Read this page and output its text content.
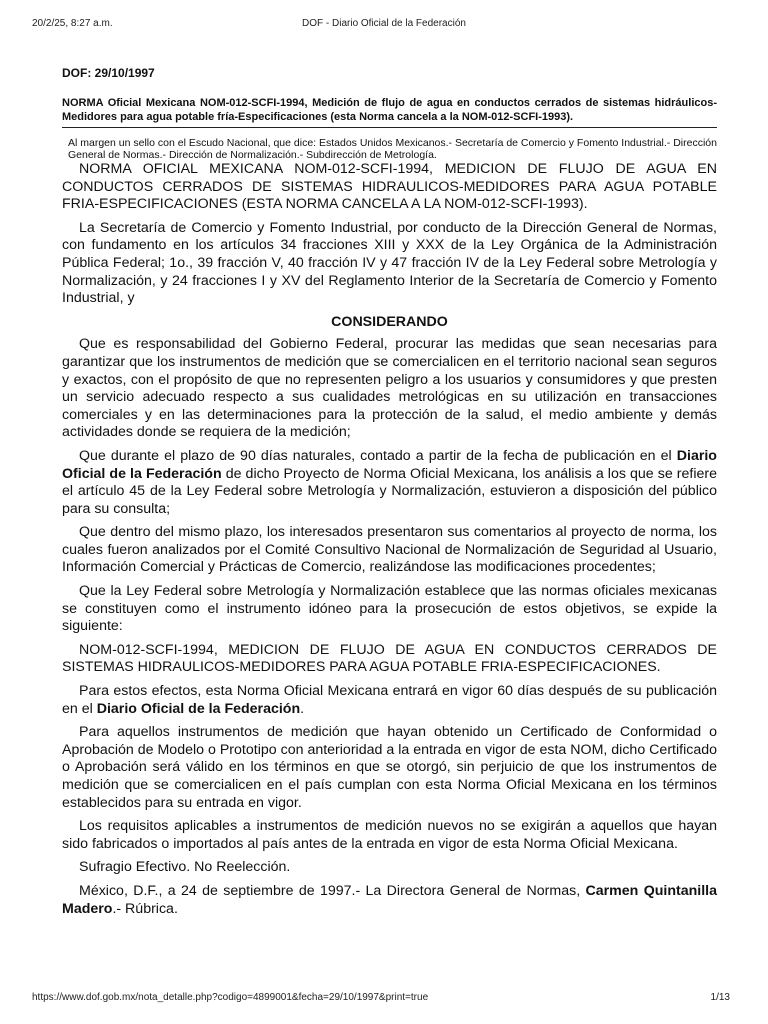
20/2/25, 8:27 a.m.	DOF - Diario Oficial de la Federación

DOF: 29/10/1997

NORMA Oficial Mexicana NOM-012-SCFI-1994, Medición de flujo de agua en conductos cerrados de sistemas hidráulicos-Medidores para agua potable fría-Especificaciones (esta Norma cancela a la NOM-012-SCFI-1993).

Al margen un sello con el Escudo Nacional, que dice: Estados Unidos Mexicanos.- Secretaría de Comercio y Fomento Industrial.- Dirección General de Normas.- Dirección de Normalización.- Subdirección de Metrología.

NORMA OFICIAL MEXICANA NOM-012-SCFI-1994, MEDICION DE FLUJO DE AGUA EN CONDUCTOS CERRADOS DE SISTEMAS HIDRAULICOS-MEDIDORES PARA AGUA POTABLE FRIA-ESPECIFICACIONES (ESTA NORMA CANCELA A LA NOM-012-SCFI-1993).

La Secretaría de Comercio y Fomento Industrial, por conducto de la Dirección General de Normas, con fundamento en los artículos 34 fracciones XIII y XXX de la Ley Orgánica de la Administración Pública Federal; 1o., 39 fracción V, 40 fracción IV y 47 fracción IV de la Ley Federal sobre Metrología y Normalización, y 24 fracciones I y XV del Reglamento Interior de la Secretaría de Comercio y Fomento Industrial, y

CONSIDERANDO

Que es responsabilidad del Gobierno Federal, procurar las medidas que sean necesarias para garantizar que los instrumentos de medición que se comercialicen en el territorio nacional sean seguros y exactos, con el propósito de que no representen peligro a los usuarios y consumidores y que presten un servicio adecuado respecto a sus cualidades metrológicas en su utilización en transacciones comerciales y en las determinaciones para la protección de la salud, el medio ambiente y demás actividades donde se requiera de la medición;

Que durante el plazo de 90 días naturales, contado a partir de la fecha de publicación en el Diario Oficial de la Federación de dicho Proyecto de Norma Oficial Mexicana, los análisis a los que se refiere el artículo 45 de la Ley Federal sobre Metrología y Normalización, estuvieron a disposición del público para su consulta;

Que dentro del mismo plazo, los interesados presentaron sus comentarios al proyecto de norma, los cuales fueron analizados por el Comité Consultivo Nacional de Normalización de Seguridad al Usuario, Información Comercial y Prácticas de Comercio, realizándose las modificaciones procedentes;

Que la Ley Federal sobre Metrología y Normalización establece que las normas oficiales mexicanas se constituyen como el instrumento idóneo para la prosecución de estos objetivos, se expide la siguiente:

NOM-012-SCFI-1994, MEDICION DE FLUJO DE AGUA EN CONDUCTOS CERRADOS DE SISTEMAS HIDRAULICOS-MEDIDORES PARA AGUA POTABLE FRIA-ESPECIFICACIONES.

Para estos efectos, esta Norma Oficial Mexicana entrará en vigor 60 días después de su publicación en el Diario Oficial de la Federación.

Para aquellos instrumentos de medición que hayan obtenido un Certificado de Conformidad o Aprobación de Modelo o Prototipo con anterioridad a la entrada en vigor de esta NOM, dicho Certificado o Aprobación será válido en los términos en que se otorgó, sin perjuicio de que los instrumentos de medición que se comercialicen en el país cumplan con esta Norma Oficial Mexicana en los términos establecidos para su entrada en vigor.

Los requisitos aplicables a instrumentos de medición nuevos no se exigirán a aquellos que hayan sido fabricados o importados al país antes de la entrada en vigor de esta Norma Oficial Mexicana.

Sufragio Efectivo. No Reelección.

México, D.F., a 24 de septiembre de 1997.- La Directora General de Normas, Carmen Quintanilla Madero.- Rúbrica.

https://www.dof.gob.mx/nota_detalle.php?codigo=4899001&fecha=29/10/1997&print=true	1/13
